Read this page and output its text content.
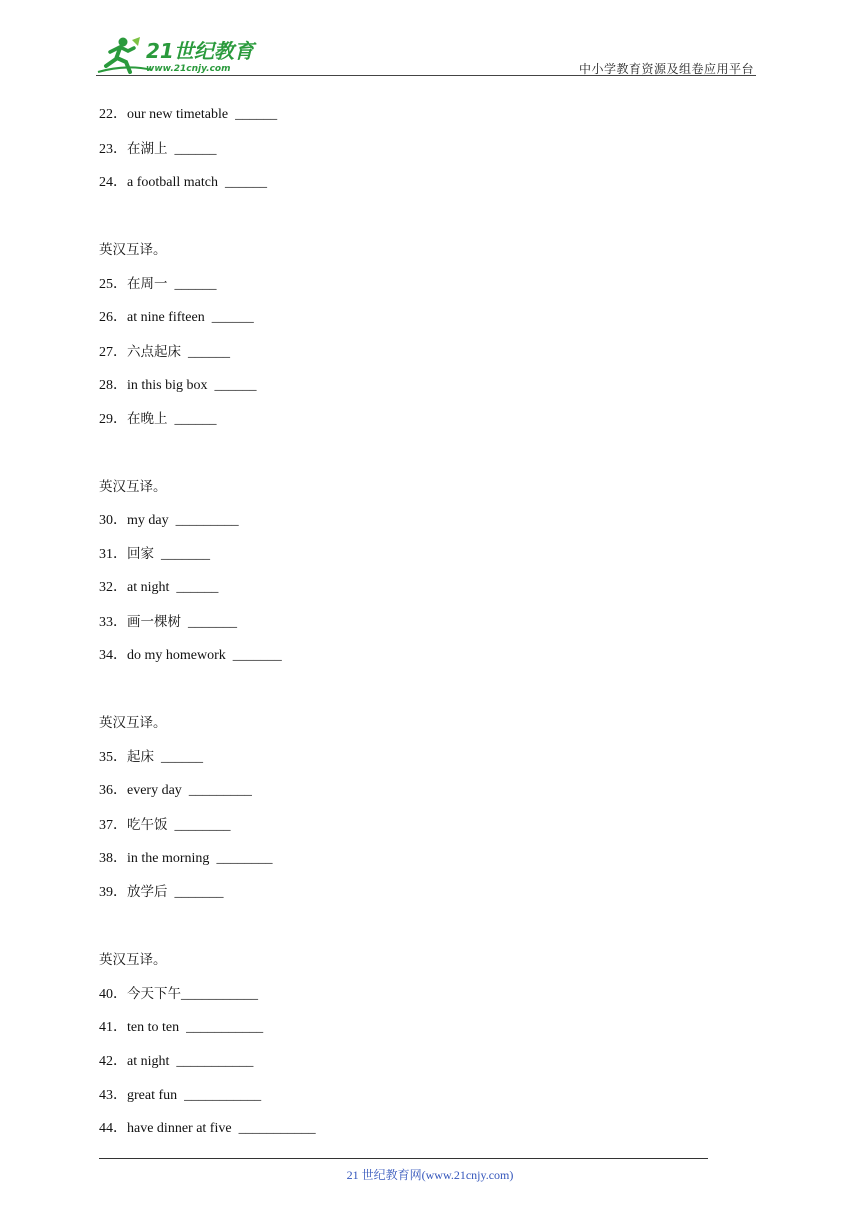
21世纪教育
www.21cnjy.com	中小学教育资源及组卷应用平台
22．our new timetable ______
23．在湖上 ______
24．a football match ______
英汉互译。
25．在周一 ______
26．at nine fifteen ______
27．六点起床 ______
28．in this big box ______
29．在晚上 ______
英汉互译。
30．my day _________
31．回家 _______
32．at night ______
33．画一棵树 _______
34．do my homework _______
英汉互译。
35．起床 ______
36．every day _________
37．吃午饭 ________
38．in the morning ________
39．放学后 _______
英汉互译。
40．今天下午___________
41．ten to ten ___________
42．at night ___________
43．great fun ___________
44．have dinner at five ___________
21 世纪教育网(www.21cnjy.com)
